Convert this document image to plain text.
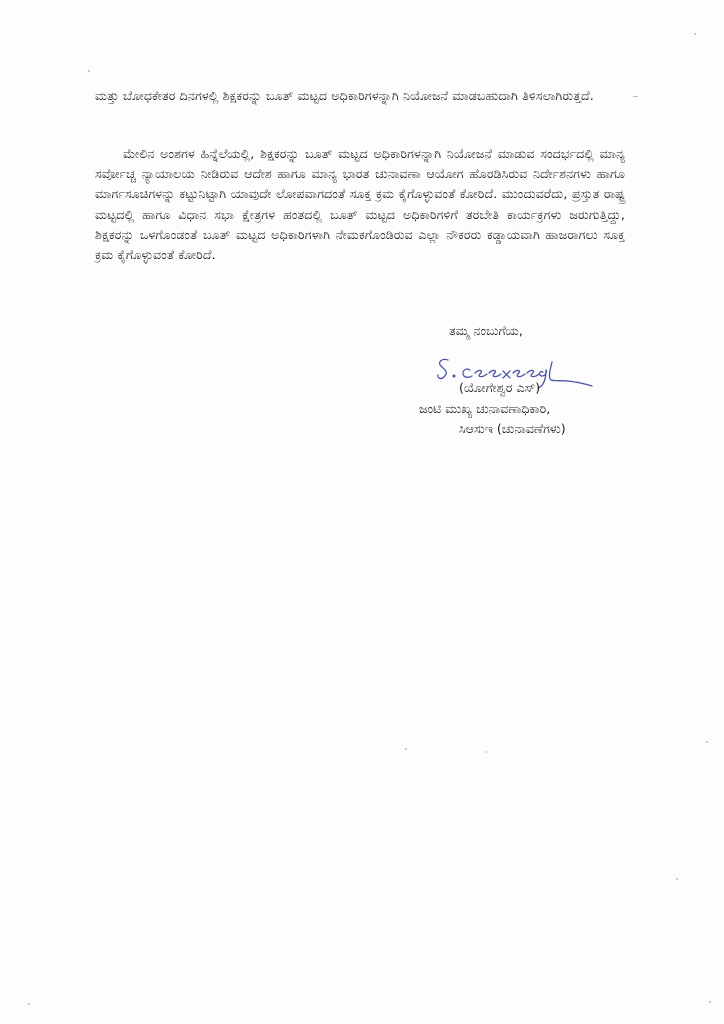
ಮತ್ತು ಬೋಧಕೇತರ ದಿನಗಳಲ್ಲಿ ಶಿಕ್ಷಕರನ್ನು ಬೂತ್ ಮಟ್ಟದ ಅಧಿಕಾರಿಗಳನ್ನಾಗಿ ನಿಯೋಜನೆ ಮಾಡಬಹುದಾಗಿ ತಿಳಿಸಲಾಗಿರುತ್ತದೆ.

ಮೇಲಿನ ಅಂಶಗಳ ಹಿನ್ನೆಲೆಯಲ್ಲಿ, ಶಿಕ್ಷಕರನ್ನು ಬೂತ್ ಮಟ್ಟದ ಅಧಿಕಾರಿಗಳನ್ನಾಗಿ ನಿಯೋಜನೆ ಮಾಡುವ ಸಂದರ್ಭದಲ್ಲಿ ಮಾನ್ಯ ಸರ್ವೋಚ್ಚ ನ್ಯಾಯಾಲಯ ನೀಡಿರುವ ಆದೇಶ ಹಾಗೂ ಮಾನ್ಯ ಭಾರತ ಚುನಾವಣಾ ಆಯೋಗ ಹೊರಡಿಸಿರುವ ನಿರ್ದೇಶನಗಳು ಹಾಗೂ ಮಾರ್ಗಸೂಚಿಗಳನ್ನು ಕಟ್ಟುನಿಟ್ಟಾಗಿ ಯಾವುದೇ ಲೋಪವಾಗದಂತೆ ಸೂಕ್ತ ಕ್ರಮ ಕೈಗೊಳ್ಳುವಂತೆ ಕೋರಿದೆ. ಮುಂದುವರೆದು, ಪ್ರಸ್ತುತ ರಾಷ್ಟ್ರ ಮಟ್ಟದಲ್ಲಿ ಹಾಗೂ ವಿಧಾನ ಸಭಾ ಕ್ಷೇತ್ರಗಳ ಹಂತದಲ್ಲಿ ಬೂತ್ ಮಟ್ಟದ ಅಧಿಕಾರಿಗಳಿಗೆ ತರಬೇತಿ ಕಾರ್ಯಕ್ರಗಳು ಜರುಗುತ್ತಿದ್ದು, ಶಿಕ್ಷಕರನ್ನು ಒಳಗೊಂಡಂತೆ ಬೂತ್ ಮಟ್ಟದ ಅಧಿಕಾರಿಗಳಾಗಿ ನೇಮಕಗೊಂಡಿರುವ ಎಲ್ಲಾ ನೌಕರರು ಕಡ್ಡಾಯವಾಗಿ ಹಾಜರಾಗಲು ಸೂಕ್ತ ಕ್ರಮ ಕೈಗೊಳ್ಳುವಂತೆ ಕೋರಿದೆ.

ತಮ್ಮ ನಂಬುಗೆಯ,
(ಯೋಗೇಶ್ವರ ಎಸ್)
ಜಂಟಿ ಮುಖ್ಯ ಚುನಾವಣಾಧಿಕಾರಿ,
ಸಿಆಸುಇ (ಚುನಾವಣೆಗಳು)
